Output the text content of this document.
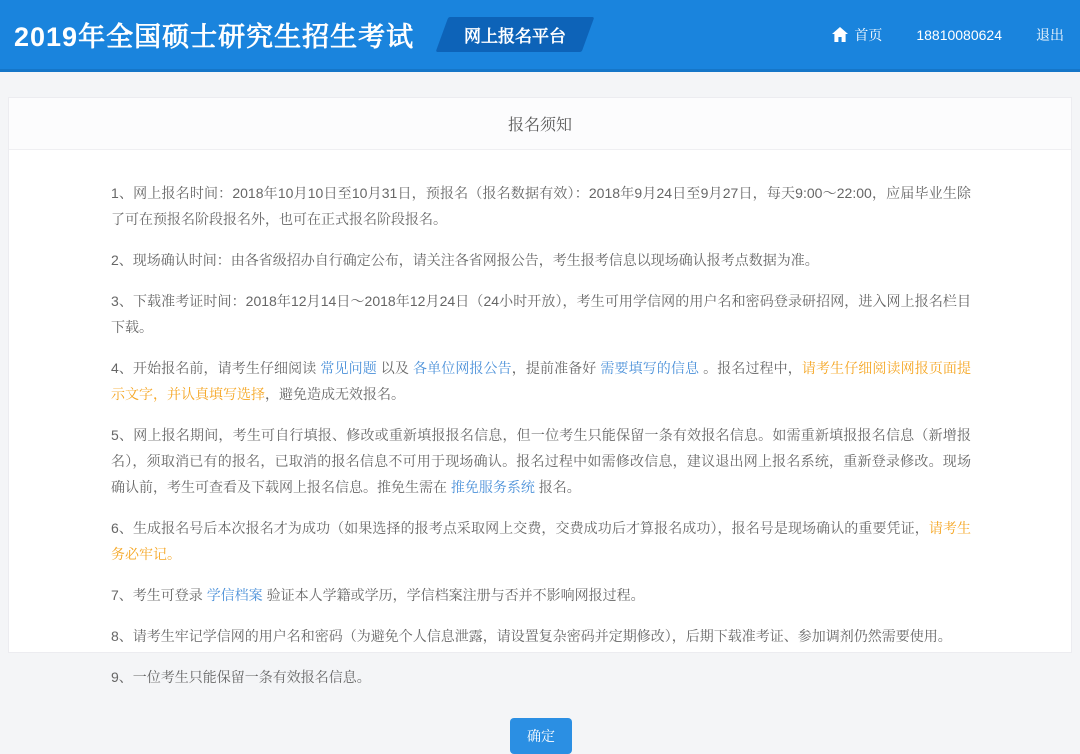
2019年全国硕士研究生招生考试	网上报名平台	首页 18810080624 退出
报名须知

1、网上报名时间：2018年10月10日至10月31日，预报名（报名数据有效）：2018年9月24日至9月27日，每天9:00～22:00，应届毕业生除了可在预报名阶段报名外，也可在正式报名阶段报名。

2、现场确认时间：由各省级招办自行确定公布，请关注各省网报公告，考生报考信息以现场确认报考点数据为准。

3、下载准考证时间：2018年12月14日～2018年12月24日（24小时开放），考生可用学信网的用户名和密码登录研招网，进入网上报名栏目下载。

4、开始报名前，请考生仔细阅读 常见问题 以及 各单位网报公告，提前准备好 需要填写的信息 。报名过程中，请考生仔细阅读网报页面提示文字，并认真填写选择，避免造成无效报名。

5、网上报名期间，考生可自行填报、修改或重新填报报名信息，但一位考生只能保留一条有效报名信息。如需重新填报报名信息（新增报名），须取消已有的报名，已取消的报名信息不可用于现场确认。报名过程中如需修改信息，建议退出网上报名系统，重新登录修改。现场确认前，考生可查看及下载网上报名信息。推免生需在 推免服务系统 报名。

6、生成报名号后本次报名才为成功（如果选择的报考点采取网上交费，交费成功后才算报名成功），报名号是现场确认的重要凭证，请考生务必牢记。

7、考生可登录 学信档案 验证本人学籍或学历，学信档案注册与否并不影响网报过程。

8、请考生牢记学信网的用户名和密码（为避免个人信息泄露，请设置复杂密码并定期修改），后期下载准考证、参加调剂仍然需要使用。

9、一位考生只能保留一条有效报名信息。

确定
